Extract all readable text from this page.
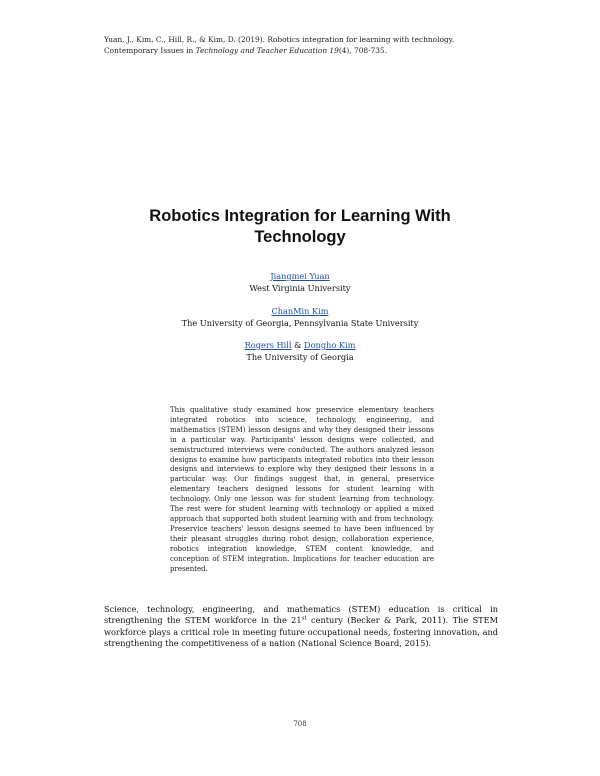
Yuan, J., Kim, C., Hill, R., & Kim, D. (2019). Robotics integration for learning with technology.
Contemporary Issues in Technology and Teacher Education 19(4), 708-735.
Robotics Integration for Learning With
Technology
Jiangmei Yuan
West Virginia University
ChanMin Kim
The University of Georgia, Pennsylvania State University
Rogers Hill & Dongho Kim
The University of Georgia
This qualitative study examined how preservice elementary teachers integrated robotics into science, technology, engineering, and mathematics (STEM) lesson designs and why they designed their lessons in a particular way. Participants' lesson designs were collected, and semistructured interviews were conducted. The authors analyzed lesson designs to examine how participants integrated robotics into their lesson designs and interviews to explore why they designed their lessons in a particular way. Our findings suggest that, in general, preservice elementary teachers designed lessons for student learning with technology. Only one lesson was for student learning from technology. The rest were for student learning with technology or applied a mixed approach that supported both student learning with and from technology. Preservice teachers' lesson designs seemed to have been influenced by their pleasant struggles during robot design, collaboration experience, robotics integration knowledge, STEM content knowledge, and conception of STEM integration. Implications for teacher education are presented.
Science, technology, engineering, and mathematics (STEM) education is critical in strengthening the STEM workforce in the 21st century (Becker & Park, 2011). The STEM workforce plays a critical role in meeting future occupational needs, fostering innovation, and strengthening the competitiveness of a nation (National Science Board, 2015).
708
